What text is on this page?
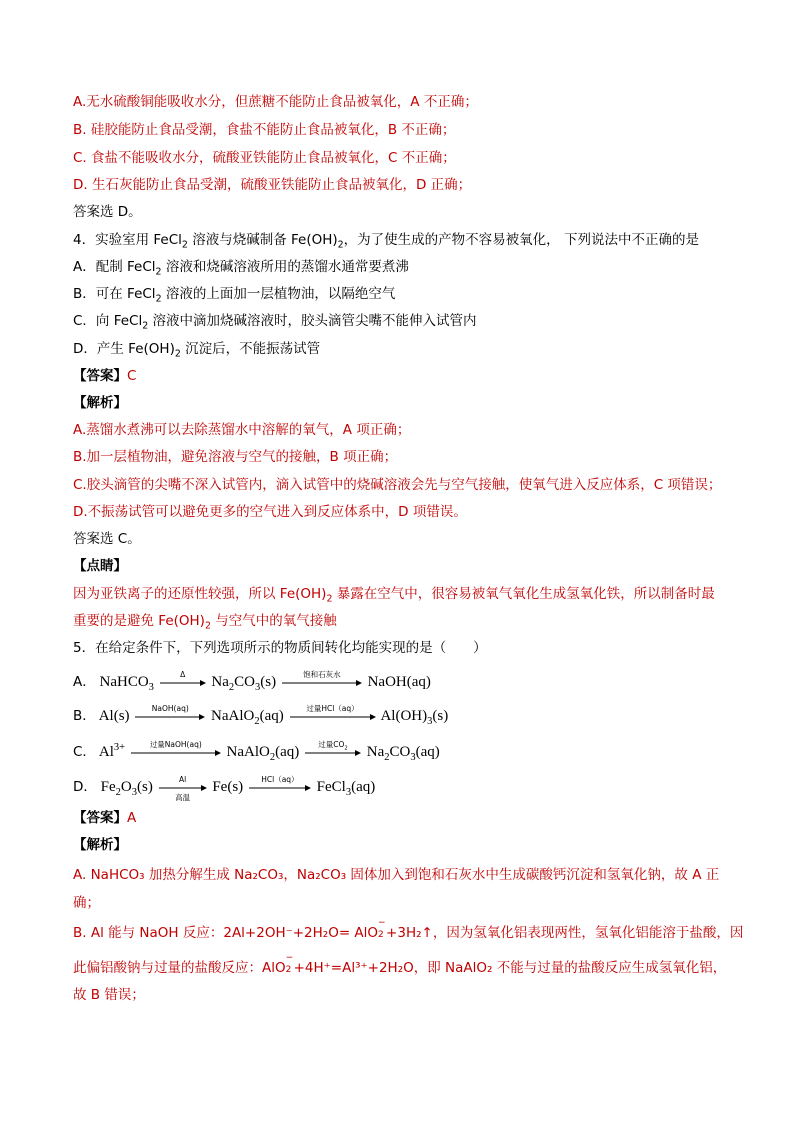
A.无水硫酸铜能吸收水分，但蔗糖不能防止食品被氧化，A 不正确；
B. 硅胶能防止食品受潮，食盐不能防止食品被氧化，B 不正确；
C. 食盐不能吸收水分，硫酸亚铁能防止食品被氧化，C 不正确；
D. 生石灰能防止食品受潮，硫酸亚铁能防止食品被氧化，D 正确；
答案选 D。
4．实验室用 FeCl$_2$ 溶液与烧碱制备 $Fe(OH)_2$，为了使生成的产物不容易被氧化， 下列说法中不正确的是
A．配制 FeCl$_2$ 溶液和烧碱溶液所用的蒸馏水通常要煮沸
B．可在 FeCl$_2$ 溶液的上面加一层植物油，以隔绝空气
C．向 FeCl$_2$ 溶液中滴加烧碱溶液时，胶头滴管尖嘴不能伸入试管内
D．产生 $Fe(OH)_2$ 沉淀后，不能振荡试管
【答案】C
【解析】
A.蒸馏水煮沸可以去除蒸馏水中溶解的氧气，A 项正确；
B.加一层植物油，避免溶液与空气的接触，B 项正确；
C.胶头滴管的尖嘴不深入试管内，滴入试管中的烧碱溶液会先与空气接触，使氧气进入反应体系，C 项错误；
D.不振荡试管可以避免更多的空气进入到反应体系中，D 项错误。
答案选 C。
【点睛】
因为亚铁离子的还原性较强，所以 $Fe(OH)_2$ 暴露在空气中，很容易被氧气氧化生成氢氧化铁，所以制备时最
重要的是避免 $Fe(OH)_2$ 与空气中的氧气接触
5．在给定条件下，下列选项所示的物质间转化均能实现的是（　　）
A． NaHCO$_3$
Δ	$Na_2CO_3(s)$	饱和石灰水	NaOH(aq)
B． Al(s)	NaOH(aq)	NaAlO$_2$(aq)	过量HCl（aq）	$Al(OH)_3(s)$
C． $Al^{3+}$	过量NaOH(aq)	NaAlO$_2$(aq)	过量$CO_2$	$Na_2CO_3(aq)$
D． $Fe_2O_3(s)$	Al
高温
Fe(s)	HCl（aq）	FeCl$_3$(aq)
【答案】A
【解析】
A. NaHCO₃ 加热分解生成 Na₂CO₃，Na₂CO₃ 固体加入到饱和石灰水中生成碳酸钙沉淀和氢氧化钠，故 A 正
确；
B. Al 能与 NaOH 反应：2Al+2OH⁻+2H₂O= AlO
−
2 +3H₂↑，因为氢氧化铝表现两性，氢氧化铝能溶于盐酸，因
此偏铝酸钠与过量的盐酸反应：AlO
−
2 +4H⁺=Al³⁺+2H₂O，即 NaAlO₂ 不能与过量的盐酸反应生成氢氧化铝，
故 B 错误；
